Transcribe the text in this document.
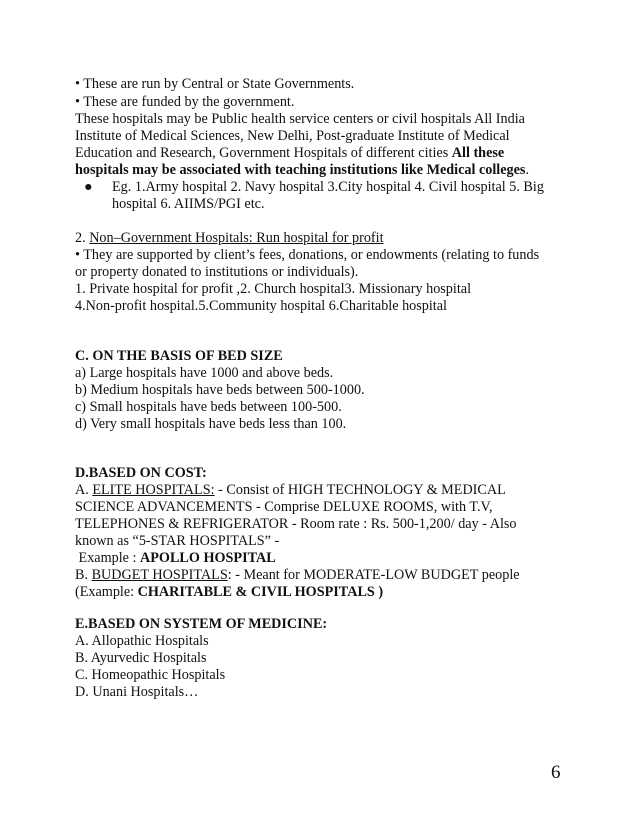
• These are run by Central or State Governments.
• These are funded by the government.
These hospitals may be Public health service centers or civil hospitals All India
Institute of Medical Sciences, New Delhi, Post-graduate Institute of Medical
Education and Research, Government Hospitals of different cities All these
hospitals may be associated with teaching institutions like Medical colleges.
● Eg. 1.Army hospital 2. Navy hospital 3.City hospital 4. Civil hospital 5. Big
hospital 6. AIIMS/PGI etc.
2. Non–Government Hospitals: Run hospital for profit
• They are supported by client’s fees, donations, or endowments (relating to funds
or property donated to institutions or individuals).
1. Private hospital for profit ,2. Church hospital3. Missionary hospital
4.Non-profit hospital.5.Community hospital 6.Charitable hospital
C. ON THE BASIS OF BED SIZE
a) Large hospitals have 1000 and above beds.
b) Medium hospitals have beds between 500-1000.
c) Small hospitals have beds between 100-500.
d) Very small hospitals have beds less than 100.
D.BASED ON COST:
A. ELITE HOSPITALS: - Consist of HIGH TECHNOLOGY & MEDICAL
SCIENCE ADVANCEMENTS - Comprise DELUXE ROOMS, with T.V,
TELEPHONES & REFRIGERATOR - Room rate : Rs. 500-1,200/ day - Also
known as “5-STAR HOSPITALS” -
Example : APOLLO HOSPITAL
B. BUDGET HOSPITALS: - Meant for MODERATE-LOW BUDGET people
(Example: CHARITABLE & CIVIL HOSPITALS )
E.BASED ON SYSTEM OF MEDICINE:
A. Allopathic Hospitals
B. Ayurvedic Hospitals
C. Homeopathic Hospitals
D. Unani Hospitals…
6
